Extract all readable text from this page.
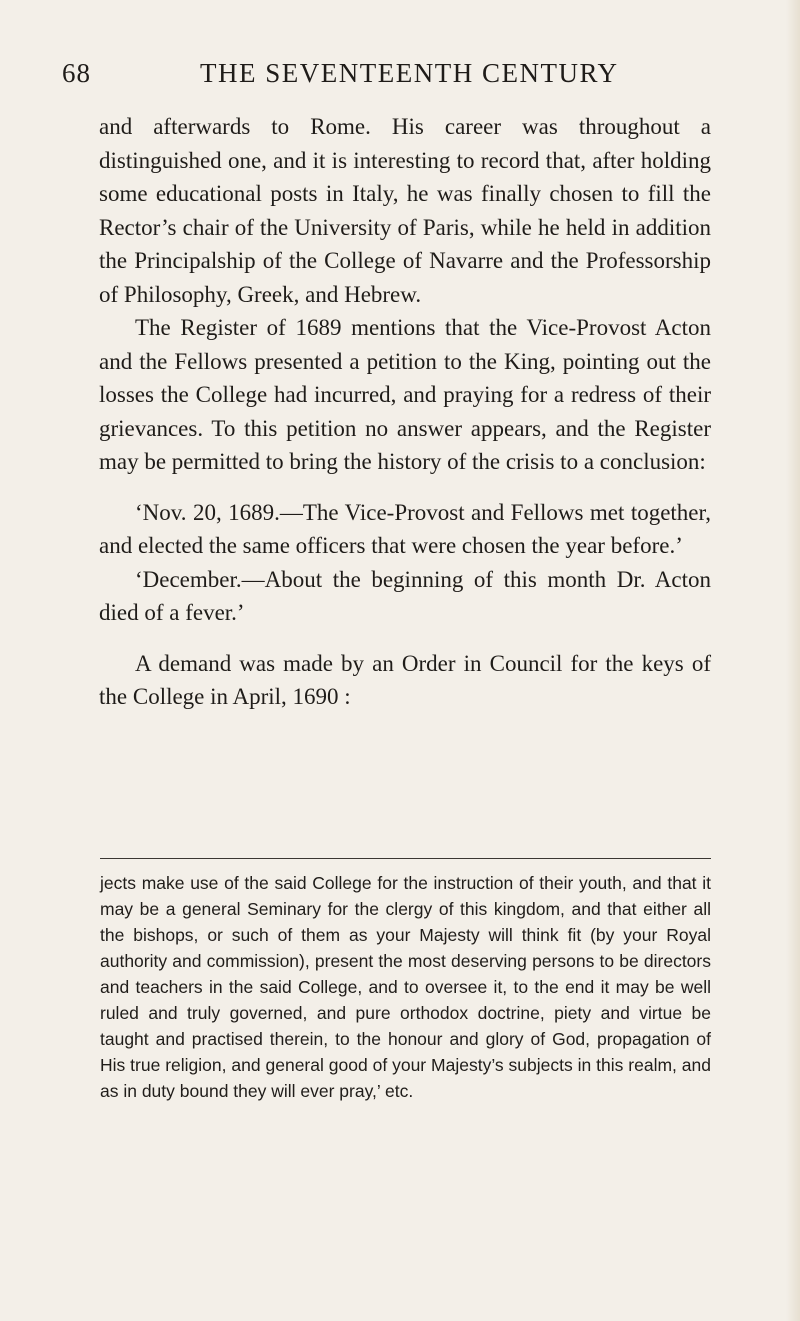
68	THE SEVENTEENTH CENTURY

and afterwards to Rome. His career was throughout a distinguished one, and it is interesting to record that, after holding some educational posts in Italy, he was finally chosen to fill the Rector’s chair of the University of Paris, while he held in addition the Principalship of the College of Navarre and the Professorship of Philosophy, Greek, and Hebrew.

The Register of 1689 mentions that the Vice-Provost Acton and the Fellows presented a petition to the King, pointing out the losses the College had incurred, and praying for a redress of their grievances. To this petition no answer appears, and the Register may be permitted to bring the history of the crisis to a conclusion:

‘Nov. 20, 1689.—The Vice-Provost and Fellows met together, and elected the same officers that were chosen the year before.’

‘December.—About the beginning of this month Dr. Acton died of a fever.’

A demand was made by an Order in Council for the keys of the College in April, 1690 :

jects make use of the said College for the instruction of their youth, and that it may be a general Seminary for the clergy of this kingdom, and that either all the bishops, or such of them as your Majesty will think fit (by your Royal authority and commission), present the most deserving persons to be directors and teachers in the said College, and to oversee it, to the end it may be well ruled and truly governed, and pure orthodox doctrine, piety and virtue be taught and practised therein, to the honour and glory of God, propagation of His true religion, and general good of your Majesty’s subjects in this realm, and as in duty bound they will ever pray,’ etc.
